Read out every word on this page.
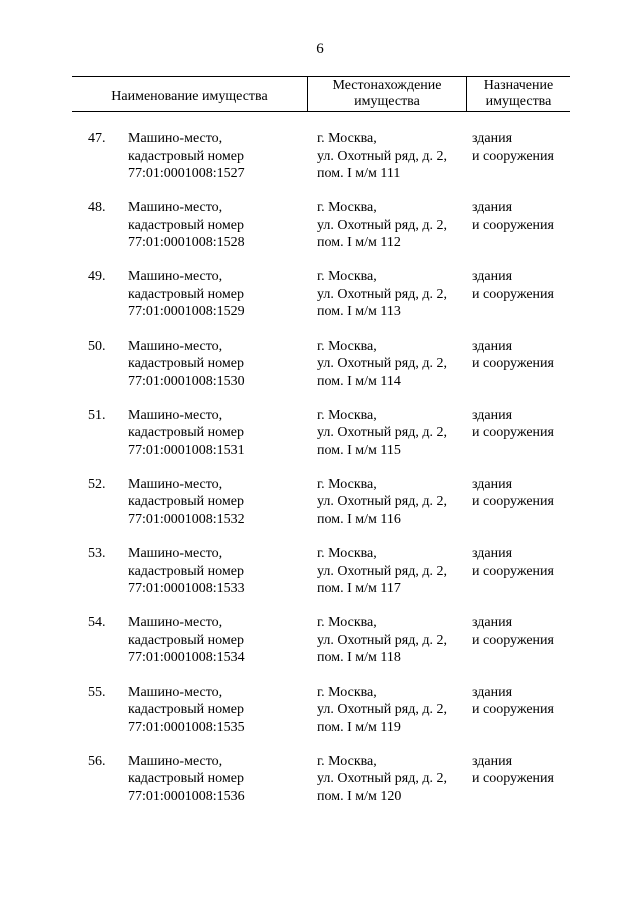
6
Наименование имущества
Местонахождение
имущества
Назначение
имущества
47. Машино-место,
кадастровый номер
77:01:0001008:1527
г. Москва,
ул. Охотный ряд, д. 2,
пом. I м/м 111
здания
и сооружения
48. Машино-место,
кадастровый номер
77:01:0001008:1528
г. Москва,
ул. Охотный ряд, д. 2,
пом. I м/м 112
здания
и сооружения
49. Машино-место,
кадастровый номер
77:01:0001008:1529
г. Москва,
ул. Охотный ряд, д. 2,
пом. I м/м 113
здания
и сооружения
50. Машино-место,
кадастровый номер
77:01:0001008:1530
г. Москва,
ул. Охотный ряд, д. 2,
пом. I м/м 114
здания
и сооружения
51. Машино-место,
кадастровый номер
77:01:0001008:1531
г. Москва,
ул. Охотный ряд, д. 2,
пом. I м/м 115
здания
и сооружения
52. Машино-место,
кадастровый номер
77:01:0001008:1532
г. Москва,
ул. Охотный ряд, д. 2,
пом. I м/м 116
здания
и сооружения
53. Машино-место,
кадастровый номер
77:01:0001008:1533
г. Москва,
ул. Охотный ряд, д. 2,
пом. I м/м 117
здания
и сооружения
54. Машино-место,
кадастровый номер
77:01:0001008:1534
г. Москва,
ул. Охотный ряд, д. 2,
пом. I м/м 118
здания
и сооружения
55. Машино-место,
кадастровый номер
77:01:0001008:1535
г. Москва,
ул. Охотный ряд, д. 2,
пом. I м/м 119
здания
и сооружения
56. Машино-место,
кадастровый номер
77:01:0001008:1536
г. Москва,
ул. Охотный ряд, д. 2,
пом. I м/м 120
здания
и сооружения
